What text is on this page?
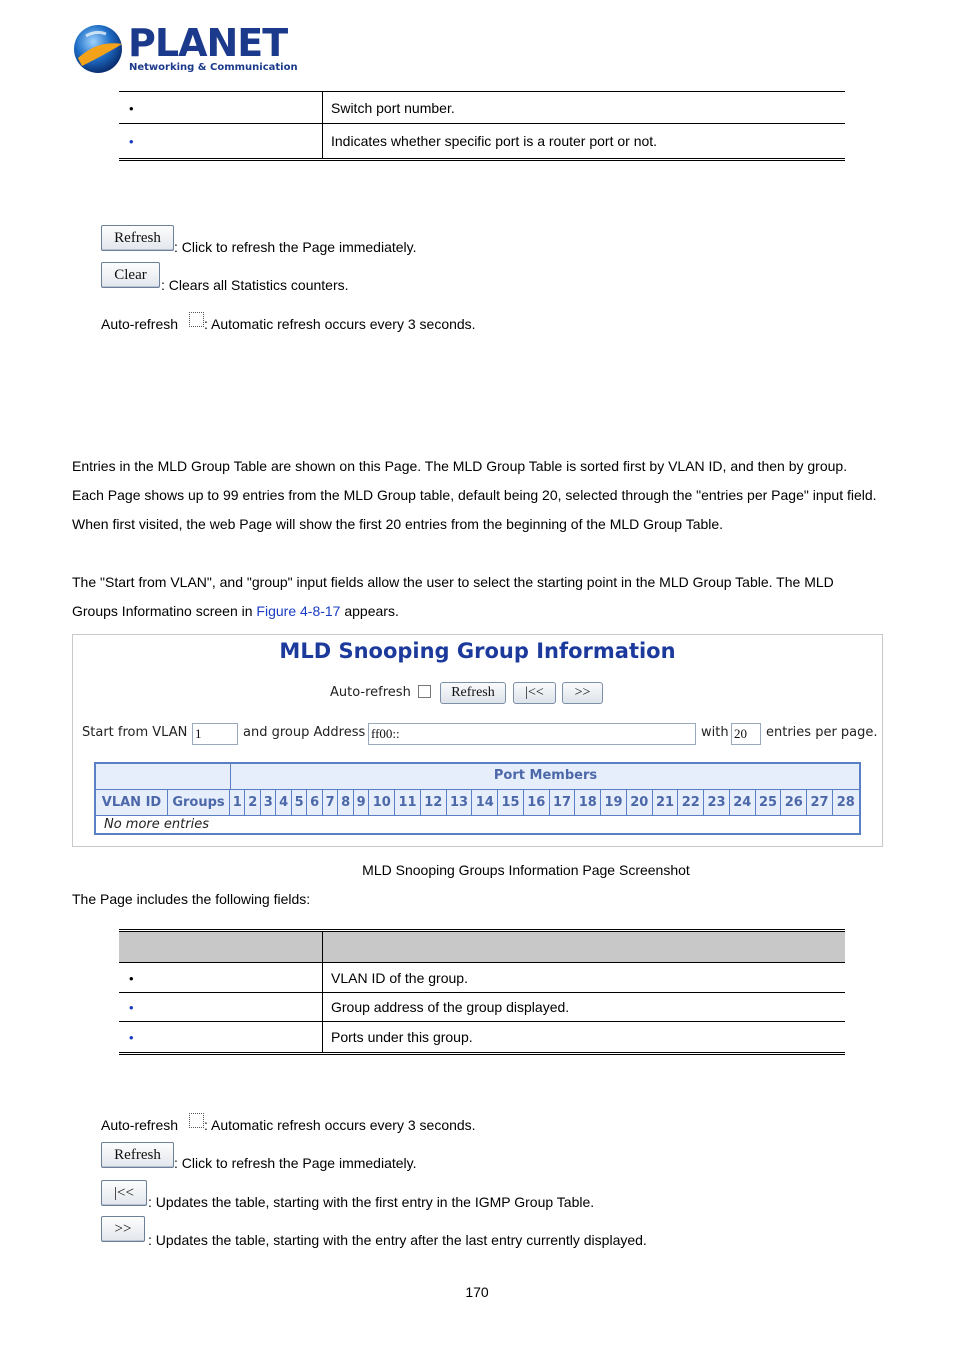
PLANET
Networking & Communication
•	Switch port number.
•	Indicates whether specific port is a router port or not.
Refresh
: Click to refresh the Page immediately.
Clear
: Clears all Statistics counters.
Auto-refresh : Automatic refresh occurs every 3 seconds.
Entries in the MLD Group Table are shown on this Page. The MLD Group Table is sorted first by VLAN ID, and then by group. Each Page shows up to 99 entries from the MLD Group table, default being 20, selected through the "entries per Page" input field. When first visited, the web Page will show the first 20 entries from the beginning of the MLD Group Table.
The "Start from VLAN", and "group" input fields allow the user to select the starting point in the MLD Group Table. The MLD Groups Informatino screen in Figure 4-8-17 appears.
MLD Snooping Group Information
Auto-refresh	Refresh	|<<	>>
Start from VLAN 1	and group Address ff00::	with 20	entries per page.
Port Members
VLAN ID Groups 1 2 3 4 5 6 7 8 9 10 11 12 13 14 15 16 17 18 19 20 21 22 23 24 25 26 27 28
No more entries
MLD Snooping Groups Information Page Screenshot
The Page includes the following fields:

•	VLAN ID of the group.
•	Group address of the group displayed.
•	Ports under this group.
Auto-refresh : Automatic refresh occurs every 3 seconds.
Refresh
: Click to refresh the Page immediately.
|<<
: Updates the table, starting with the first entry in the IGMP Group Table.
>>
: Updates the table, starting with the entry after the last entry currently displayed.
170
